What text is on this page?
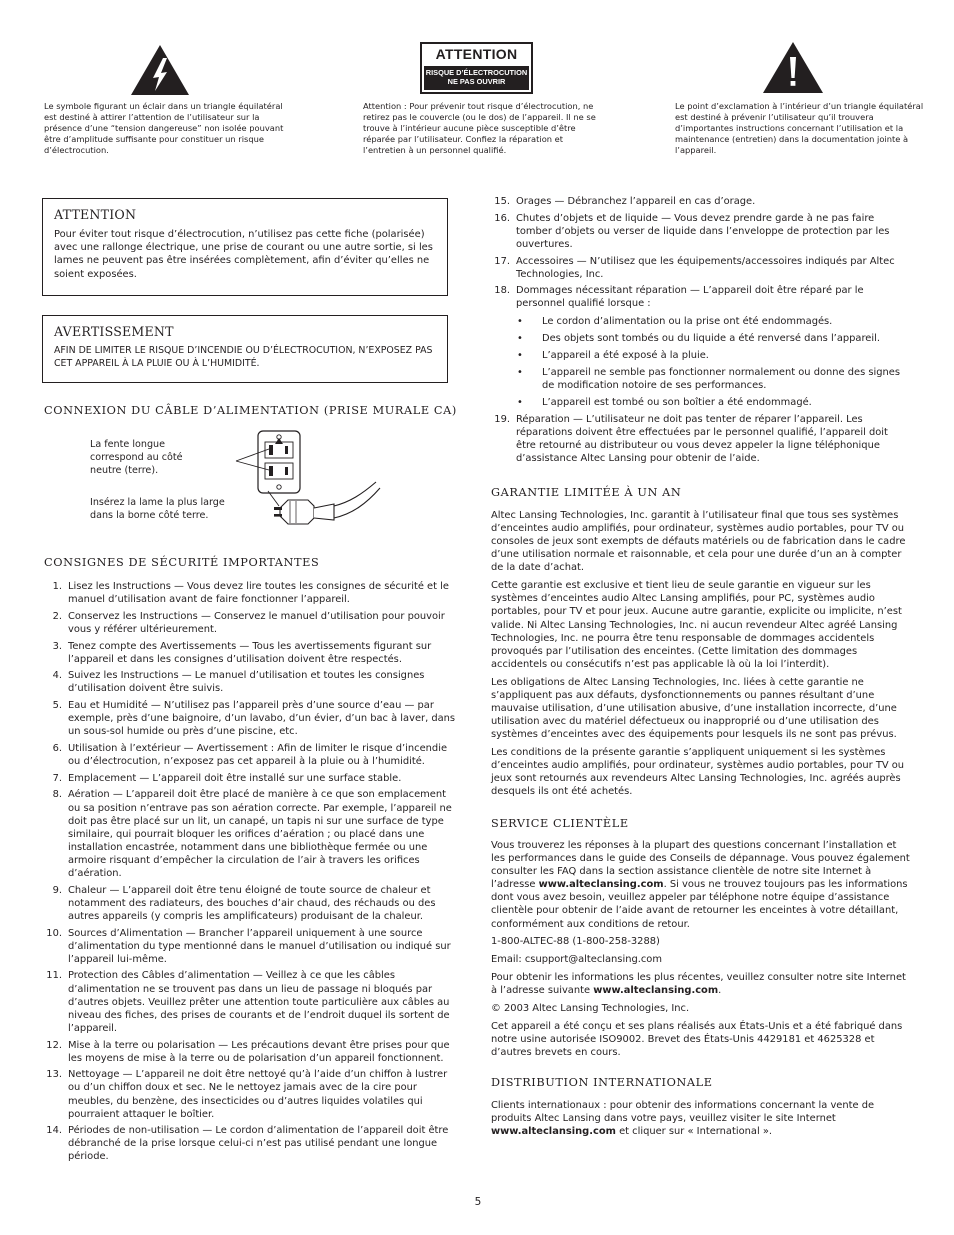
Le symbole figurant un éclair dans un triangle équilatéral est destiné à attirer l’attention de l’utilisateur sur la présence d’une “tension dangereuse” non isolée pouvant être d’amplitude suffisante pour constituer un risque d’électrocution.
ATTENTION
RISQUE D’ÉLECTROCUTION
NE PAS OUVRIR
Attention : Pour prévenir tout risque d’électrocution, ne retirez pas le couvercle (ou le dos) de l’appareil. Il ne se trouve à l’intérieur aucune pièce susceptible d’être réparée par l’utilisateur. Confiez la réparation et l’entretien à un personnel qualifié.
Le point d’exclamation à l’intérieur d’un triangle équilatéral est destiné à prévenir l’utilisateur qu’il trouvera d’importantes instructions concernant l’utilisation et la maintenance (entretien) dans la documentation jointe à l’appareil.
ATTENTION
Pour éviter tout risque d’électrocution, n’utilisez pas cette fiche (polarisée) avec une rallonge électrique, une prise de courant ou une autre sortie, si les lames ne peuvent pas être insérées complètement, afin d’éviter qu’elles ne soient exposées.
AVERTISSEMENT
AFIN DE LIMITER LE RISQUE D’INCENDIE OU D’ÉLECTROCUTION, N’EXPOSEZ PAS CET APPAREIL À LA PLUIE OU À L’HUMIDITÉ.
CONNEXION DU CÂBLE D’ALIMENTATION (PRISE MURALE CA)
La fente longue correspond au côté neutre (terre).
Insérez la lame la plus large dans la borne côté terre.
CONSIGNES DE SÉCURITÉ IMPORTANTES
1. Lisez les Instructions — Vous devez lire toutes les consignes de sécurité et le manuel d’utilisation avant de faire fonctionner l’appareil.
2. Conservez les Instructions — Conservez le manuel d’utilisation pour pouvoir vous y référer ultérieurement.
3. Tenez compte des Avertissements — Tous les avertissements figurant sur l’appareil et dans les consignes d’utilisation doivent être respectés.
4. Suivez les Instructions — Le manuel d’utilisation et toutes les consignes d’utilisation doivent être suivis.
5. Eau et Humidité — N’utilisez pas l’appareil près d’une source d’eau — par exemple, près d’une baignoire, d’un lavabo, d’un évier, d’un bac à laver, dans un sous-sol humide ou près d’une piscine, etc.
6. Utilisation à l’extérieur — Avertissement : Afin de limiter le risque d’incendie ou d’électrocution, n’exposez pas cet appareil à la pluie ou à l’humidité.
7. Emplacement — L’appareil doit être installé sur une surface stable.
8. Aération — L’appareil doit être placé de manière à ce que son emplacement ou sa position n’entrave pas son aération correcte. Par exemple, l’appareil ne doit pas être placé sur un lit, un canapé, un tapis ni sur une surface de type similaire, qui pourrait bloquer les orifices d’aération ; ou placé dans une installation encastrée, notamment dans une bibliothèque fermée ou une armoire risquant d’empêcher la circulation de l’air à travers les orifices d’aération.
9. Chaleur — L’appareil doit être tenu éloigné de toute source de chaleur et notamment des radiateurs, des bouches d’air chaud, des réchauds ou des autres appareils (y compris les amplificateurs) produisant de la chaleur.
10. Sources d’Alimentation — Brancher l’appareil uniquement à une source d’alimentation du type mentionné dans le manuel d’utilisation ou indiqué sur l’appareil lui-même.
11. Protection des Câbles d’alimentation — Veillez à ce que les câbles d’alimentation ne se trouvent pas dans un lieu de passage ni bloqués par d’autres objets. Veuillez prêter une attention toute particulière aux câbles au niveau des fiches, des prises de courants et de l’endroit duquel ils sortent de l’appareil.
12. Mise à la terre ou polarisation — Les précautions devant être prises pour que les moyens de mise à la terre ou de polarisation d’un appareil fonctionnent.
13. Nettoyage — L’appareil ne doit être nettoyé qu’à l’aide d’un chiffon à lustrer ou d’un chiffon doux et sec. Ne le nettoyez jamais avec de la cire pour meubles, du benzène, des insecticides ou d’autres liquides volatiles qui pourraient attaquer le boîtier.
14. Périodes de non-utilisation — Le cordon d’alimentation de l’appareil doit être débranché de la prise lorsque celui-ci n’est pas utilisé pendant une longue période.
15. Orages — Débranchez l’appareil en cas d’orage.
16. Chutes d’objets et de liquide — Vous devez prendre garde à ne pas faire tomber d’objets ou verser de liquide dans l’enveloppe de protection par les ouvertures.
17. Accessoires — N’utilisez que les équipements/accessoires indiqués par Altec Technologies, Inc.
18. Dommages nécessitant réparation — L’appareil doit être réparé par le personnel qualifié lorsque :
• Le cordon d’alimentation ou la prise ont été endommagés.
• Des objets sont tombés ou du liquide a été renversé dans l’appareil.
• L’appareil a été exposé à la pluie.
• L’appareil ne semble pas fonctionner normalement ou donne des signes de modification notoire de ses performances.
• L’appareil est tombé ou son boîtier a été endommagé.
19. Réparation — L’utilisateur ne doit pas tenter de réparer l’appareil. Les réparations doivent être effectuées par le personnel qualifié, l’appareil doit être retourné au distributeur ou vous devez appeler la ligne téléphonique d’assistance Altec Lansing pour obtenir de l’aide.
GARANTIE LIMITÉE À UN AN

Altec Lansing Technologies, Inc. garantit à l’utilisateur final que tous ses systèmes d’enceintes audio amplifiés, pour ordinateur, systèmes audio portables, pour TV ou consoles de jeux sont exempts de défauts matériels ou de fabrication dans le cadre d’une utilisation normale et raisonnable, et cela pour une durée d’un an à compter de la date d’achat.

Cette garantie est exclusive et tient lieu de seule garantie en vigueur sur les systèmes d’enceintes audio Altec Lansing amplifiés, pour PC, systèmes audio portables, pour TV et pour jeux. Aucune autre garantie, explicite ou implicite, n’est valide. Ni Altec Lansing Technologies, Inc. ni aucun revendeur Altec agréé Lansing Technologies, Inc. ne pourra être tenu responsable de dommages accidentels provoqués par l’utilisation des enceintes. (Cette limitation des dommages accidentels ou consécutifs n’est pas applicable là où la loi l’interdit).

Les obligations de Altec Lansing Technologies, Inc. liées à cette garantie ne s’appliquent pas aux défauts, dysfonctionnements ou pannes résultant d’une mauvaise utilisation, d’une utilisation abusive, d’une installation incorrecte, d’une utilisation avec du matériel défectueux ou inapproprié ou d’une utilisation des systèmes d’enceintes avec des équipements pour lesquels ils ne sont pas prévus.

Les conditions de la présente garantie s’appliquent uniquement si les systèmes d’enceintes audio amplifiés, pour ordinateur, systèmes audio portables, pour TV ou jeux sont retournés aux revendeurs Altec Lansing Technologies, Inc. agréés auprès desquels ils ont été achetés.

SERVICE CLIENTÈLE

Vous trouverez les réponses à la plupart des questions concernant l’installation et les performances dans le guide des Conseils de dépannage. Vous pouvez également consulter les FAQ dans la section assistance clientèle de notre site Internet à l’adresse www.alteclansing.com. Si vous ne trouvez toujours pas les informations dont vous avez besoin, veuillez appeler par téléphone notre équipe d’assistance clientèle pour obtenir de l’aide avant de retourner les enceintes à votre détaillant, conformément aux conditions de retour.

1-800-ALTEC-88 (1-800-258-3288)

Email: csupport@alteclansing.com

Pour obtenir les informations les plus récentes, veuillez consulter notre site Internet à l’adresse suivante www.alteclansing.com.

© 2003 Altec Lansing Technologies, Inc.

Cet appareil a été conçu et ses plans réalisés aux États-Unis et a été fabriqué dans notre usine autorisée ISO9002. Brevet des États-Unis 4429181 et 4625328 et d’autres brevets en cours.

DISTRIBUTION INTERNATIONALE

Clients internationaux : pour obtenir des informations concernant la vente de produits Altec Lansing dans votre pays, veuillez visiter le site Internet www.alteclansing.com et cliquer sur « International ».

5
